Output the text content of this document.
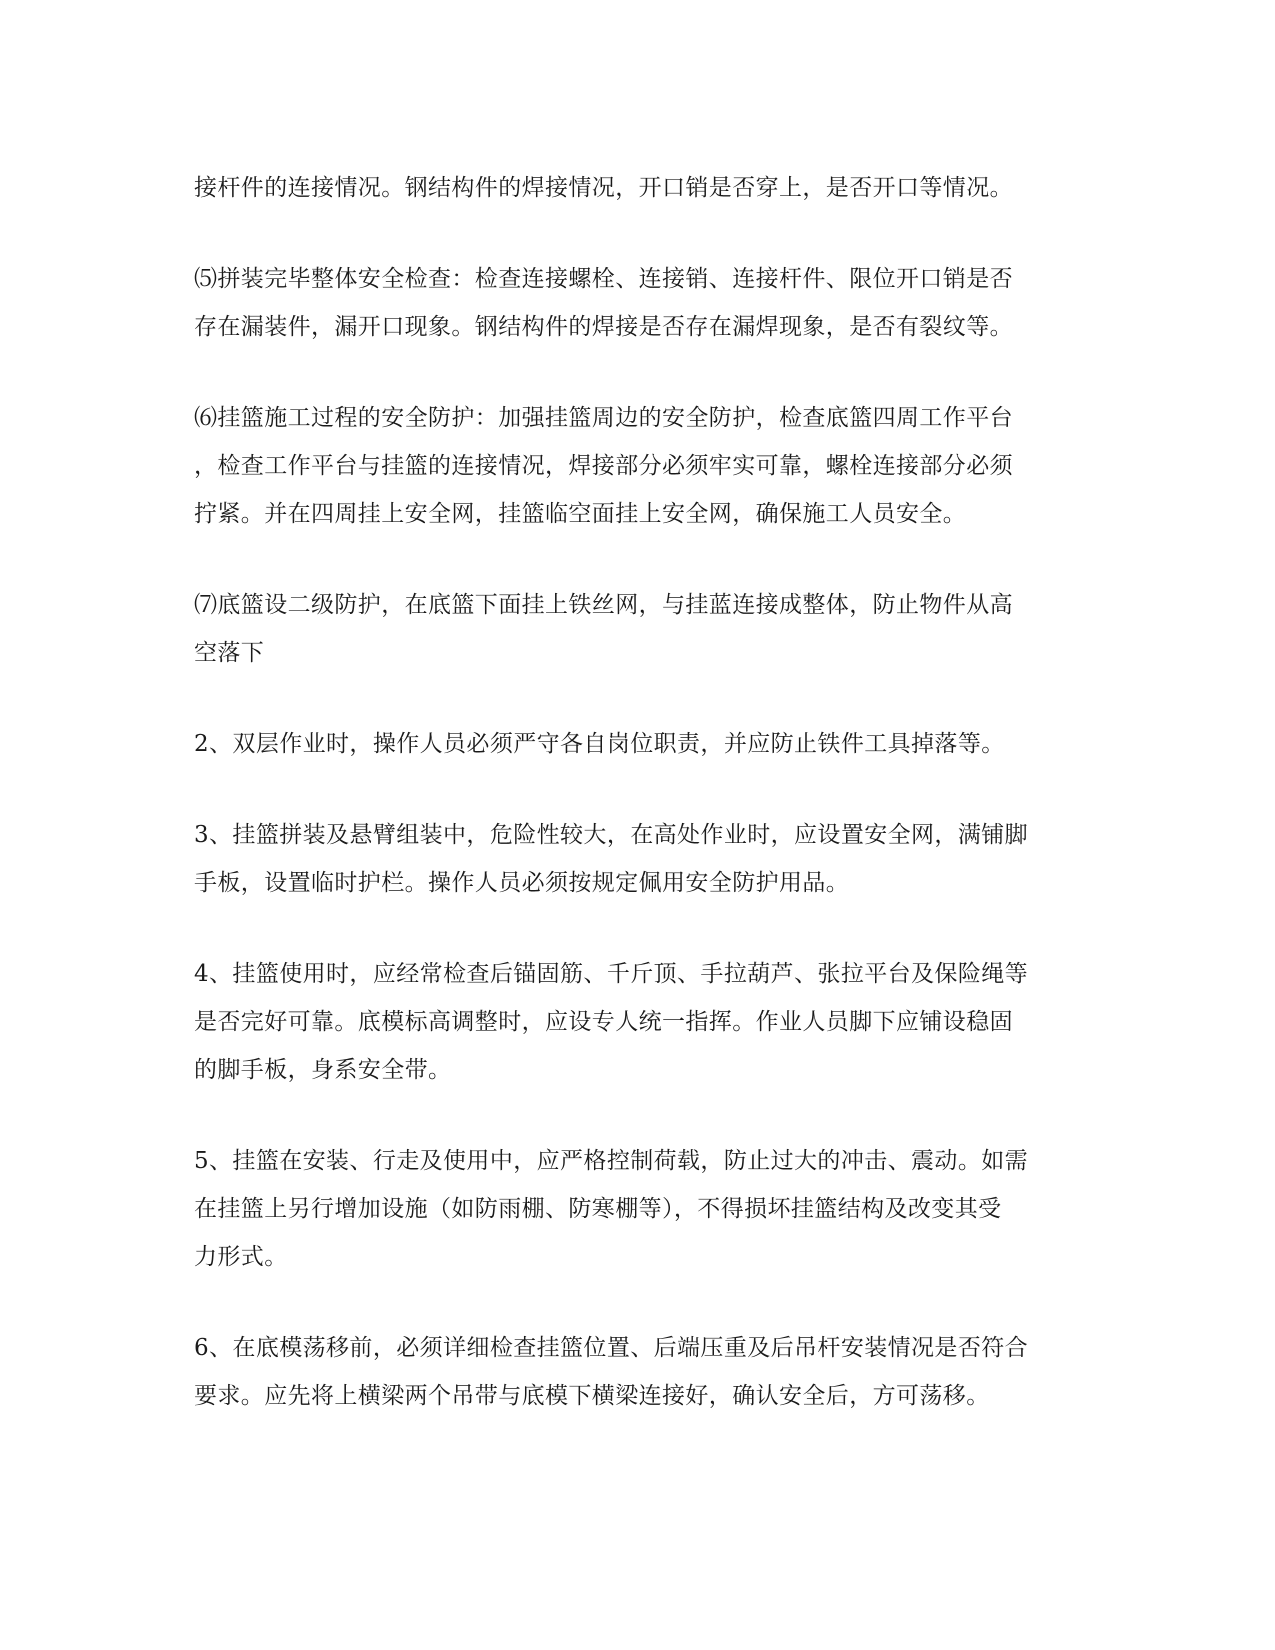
接杆件的连接情况。钢结构件的焊接情况，开口销是否穿上，是否开口等情况。
⑸拼装完毕整体安全检查：检查连接螺栓、连接销、连接杆件、限位开口销是否
存在漏装件，漏开口现象。钢结构件的焊接是否存在漏焊现象，是否有裂纹等。
⑹挂篮施工过程的安全防护：加强挂篮周边的安全防护，检查底篮四周工作平台
，检查工作平台与挂篮的连接情况，焊接部分必须牢实可靠，螺栓连接部分必须
拧紧。并在四周挂上安全网，挂篮临空面挂上安全网，确保施工人员安全。
⑺底篮设二级防护，在底篮下面挂上铁丝网，与挂蓝连接成整体，防止物件从高
空落下
2、双层作业时，操作人员必须严守各自岗位职责，并应防止铁件工具掉落等。
3、挂篮拼装及悬臂组装中，危险性较大，在高处作业时，应设置安全网，满铺脚
手板，设置临时护栏。操作人员必须按规定佩用安全防护用品。
4、挂篮使用时，应经常检查后锚固筋、千斤顶、手拉葫芦、张拉平台及保险绳等
是否完好可靠。底模标高调整时，应设专人统一指挥。作业人员脚下应铺设稳固
的脚手板，身系安全带。
5、挂篮在安装、行走及使用中，应严格控制荷载，防止过大的冲击、震动。如需
在挂篮上另行增加设施（如防雨棚、防寒棚等），不得损坏挂篮结构及改变其受
力形式。
6、在底模荡移前，必须详细检查挂篮位置、后端压重及后吊杆安装情况是否符合
要求。应先将上横梁两个吊带与底模下横梁连接好，确认安全后，方可荡移。
